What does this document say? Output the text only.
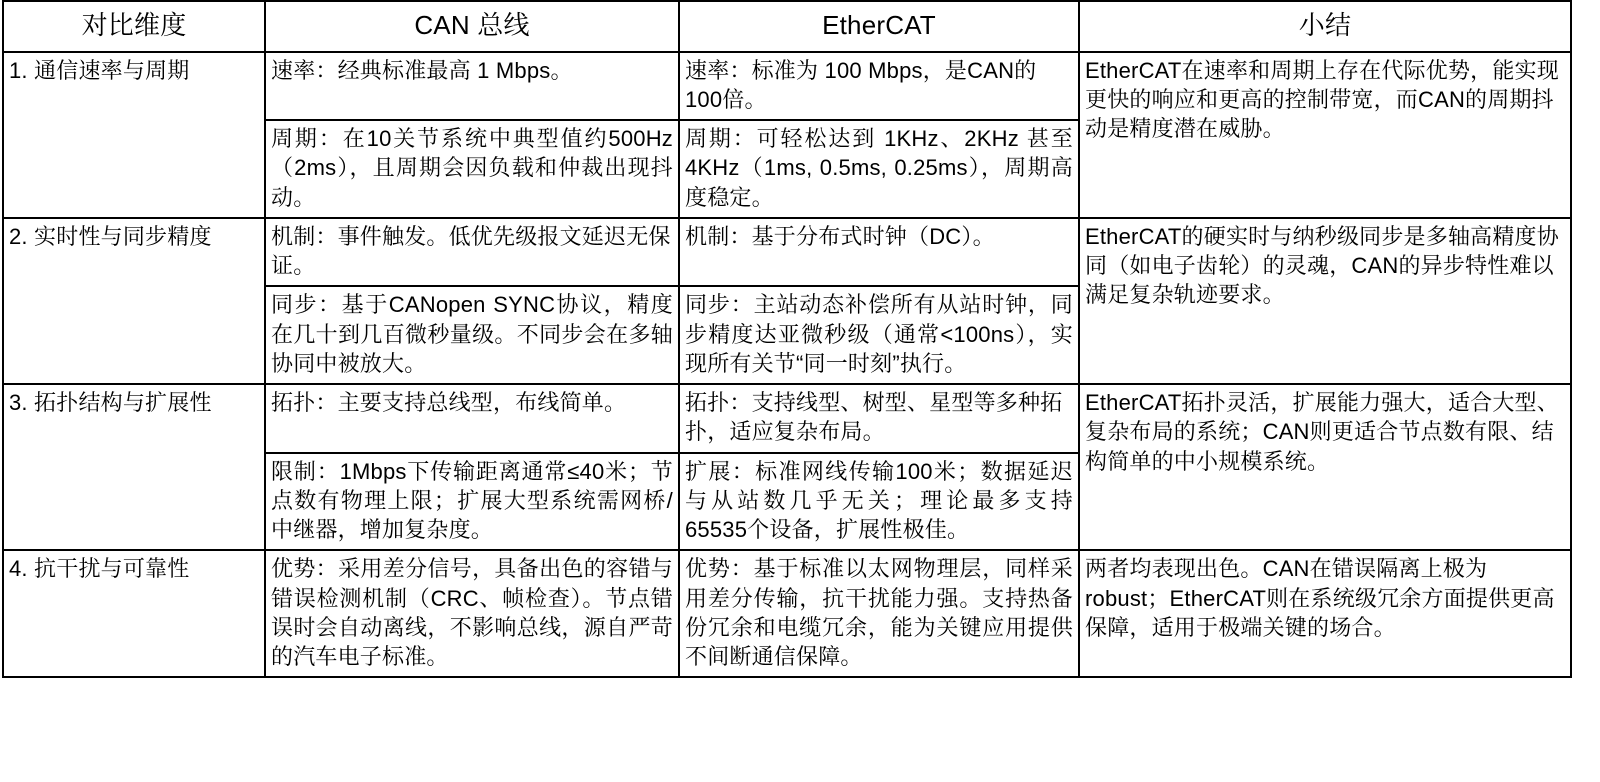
对比维度	CAN 总线	EtherCAT	小结
1. 通信速率与周期	速率：经典标准最高 1 Mbps。	速率：标准为 100 Mbps，是CAN的100倍。	EtherCAT在速率和周期上存在代际优势，能实现更快的响应和更高的控制带宽，而CAN的周期抖动是精度潜在威胁。
	周期：在10关节系统中典型值约500Hz（2ms），且周期会因负载和仲裁出现抖动。	周期：可轻松达到 1KHz、2KHz 甚至4KHz（1ms, 0.5ms, 0.25ms），周期高度稳定。	
2. 实时性与同步精度	机制：事件触发。低优先级报文延迟无保证。	机制：基于分布式时钟（DC）。	EtherCAT的硬实时与纳秒级同步是多轴高精度协同（如电子齿轮）的灵魂，CAN的异步特性难以满足复杂轨迹要求。
	同步：基于CANopen SYNC协议，精度在几十到几百微秒量级。不同步会在多轴协同中被放大。	同步：主站动态补偿所有从站时钟，同步精度达亚微秒级（通常<100ns），实现所有关节“同一时刻”执行。	
3. 拓扑结构与扩展性	拓扑：主要支持总线型，布线简单。	拓扑：支持线型、树型、星型等多种拓扑，适应复杂布局。	EtherCAT拓扑灵活，扩展能力强大，适合大型、复杂布局的系统；CAN则更适合节点数有限、结构简单的中小规模系统。
	限制：1Mbps下传输距离通常≤40米；节点数有物理上限；扩展大型系统需网桥/中继器，增加复杂度。	扩展：标准网线传输100米；数据延迟与从站数几乎无关；理论最多支持65535个设备，扩展性极佳。	
4. 抗干扰与可靠性	优势：采用差分信号，具备出色的容错与错误检测机制（CRC、帧检查）。节点错误时会自动离线，不影响总线，源自严苛的汽车电子标准。	优势：基于标准以太网物理层，同样采用差分传输，抗干扰能力强。支持热备份冗余和电缆冗余，能为关键应用提供不间断通信保障。	两者均表现出色。CAN在错误隔离上极为robust；EtherCAT则在系统级冗余方面提供更高保障，适用于极端关键的场合。
